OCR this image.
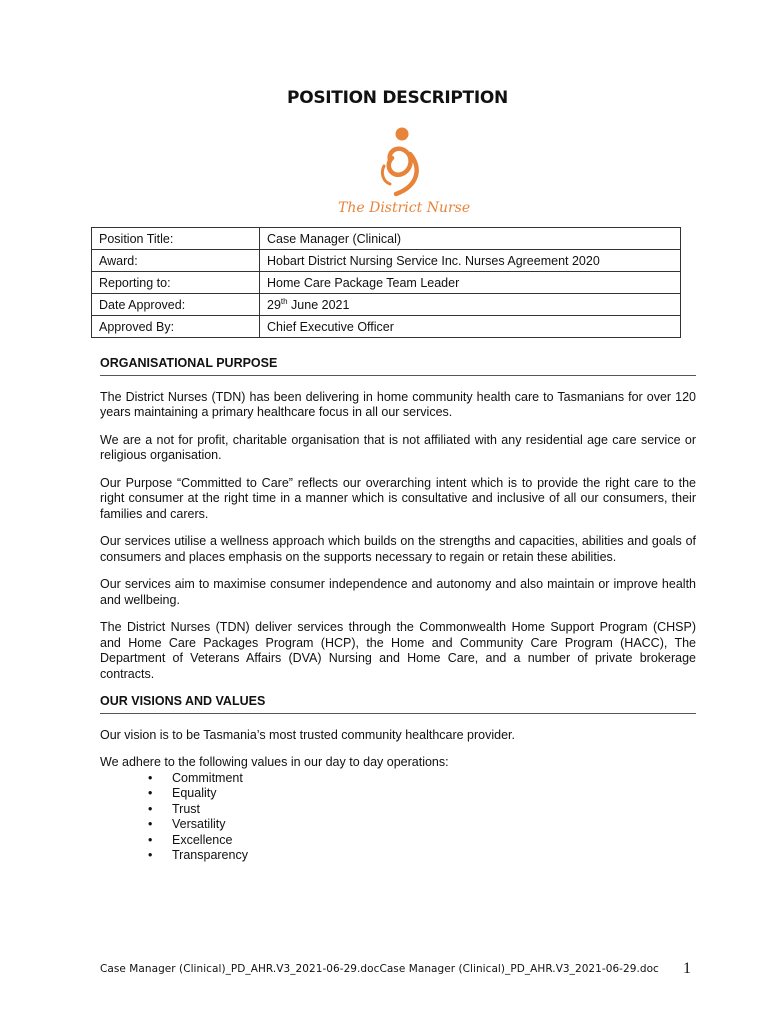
POSITION DESCRIPTION
The District Nurses
Position Title:	Case Manager (Clinical)
Award:	Hobart District Nursing Service Inc. Nurses Agreement 2020
Reporting to:	Home Care Package Team Leader
Date Approved:	29th June 2021
Approved By:	Chief Executive Officer
ORGANISATIONAL PURPOSE

The District Nurses (TDN) has been delivering in home community health care to Tasmanians for over 120 years maintaining a primary healthcare focus in all our services.

We are a not for profit, charitable organisation that is not affiliated with any residential age care service or religious organisation.

Our Purpose “Committed to Care” reflects our overarching intent which is to provide the right care to the right consumer at the right time in a manner which is consultative and inclusive of all our consumers, their families and carers.

Our services utilise a wellness approach which builds on the strengths and capacities, abilities and goals of consumers and places emphasis on the supports necessary to regain or retain these abilities.

Our services aim to maximise consumer independence and autonomy and also maintain or improve health and wellbeing.

The District Nurses (TDN) deliver services through the Commonwealth Home Support Program (CHSP) and Home Care Packages Program (HCP), the Home and Community Care Program (HACC), The Department of Veterans Affairs (DVA) Nursing and Home Care, and a number of private brokerage contracts.

OUR VISIONS AND VALUES

Our vision is to be Tasmania’s most trusted community healthcare provider.

We adhere to the following values in our day to day operations:
• Commitment
• Equality
• Trust
• Versatility
• Excellence
• Transparency
Case Manager (Clinical)_PD_AHR.V3_2021-06-29.docCase Manager (Clinical)_PD_AHR.V3_2021-06-29.doc 1
